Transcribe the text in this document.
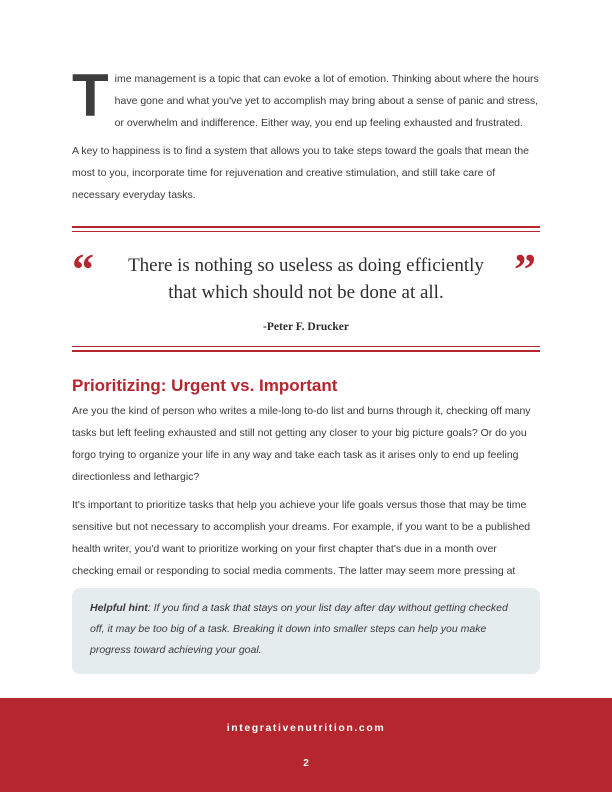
Time management is a topic that can evoke a lot of emotion. Thinking about where the hours have gone and what you've yet to accomplish may bring about a sense of panic and stress, or overwhelm and indifference. Either way, you end up feeling exhausted and frustrated.

A key to happiness is to find a system that allows you to take steps toward the goals that mean the most to you, incorporate time for rejuvenation and creative stimulation, and still take care of necessary everyday tasks.

“	There is nothing so useless as doing efficiently that which should not be done at all.	”
-Peter F. Drucker
Prioritizing: Urgent vs. Important

Are you the kind of person who writes a mile-long to-do list and burns through it, checking off many tasks but left feeling exhausted and still not getting any closer to your big picture goals? Or do you forgo trying to organize your life in any way and take each task as it arises only to end up feeling directionless and lethargic?

It's important to prioritize tasks that help you achieve your life goals versus those that may be time sensitive but not necessary to accomplish your dreams. For example, if you want to be a published health writer, you'd want to prioritize working on your first chapter that's due in a month over checking email or responding to social media comments. The latter may seem more pressing at

Helpful hint: If you find a task that stays on your list day after day without getting checked off, it may be too big of a task. Breaking it down into smaller steps can help you make progress toward achieving your goal.

integrativenutrition.com
2
